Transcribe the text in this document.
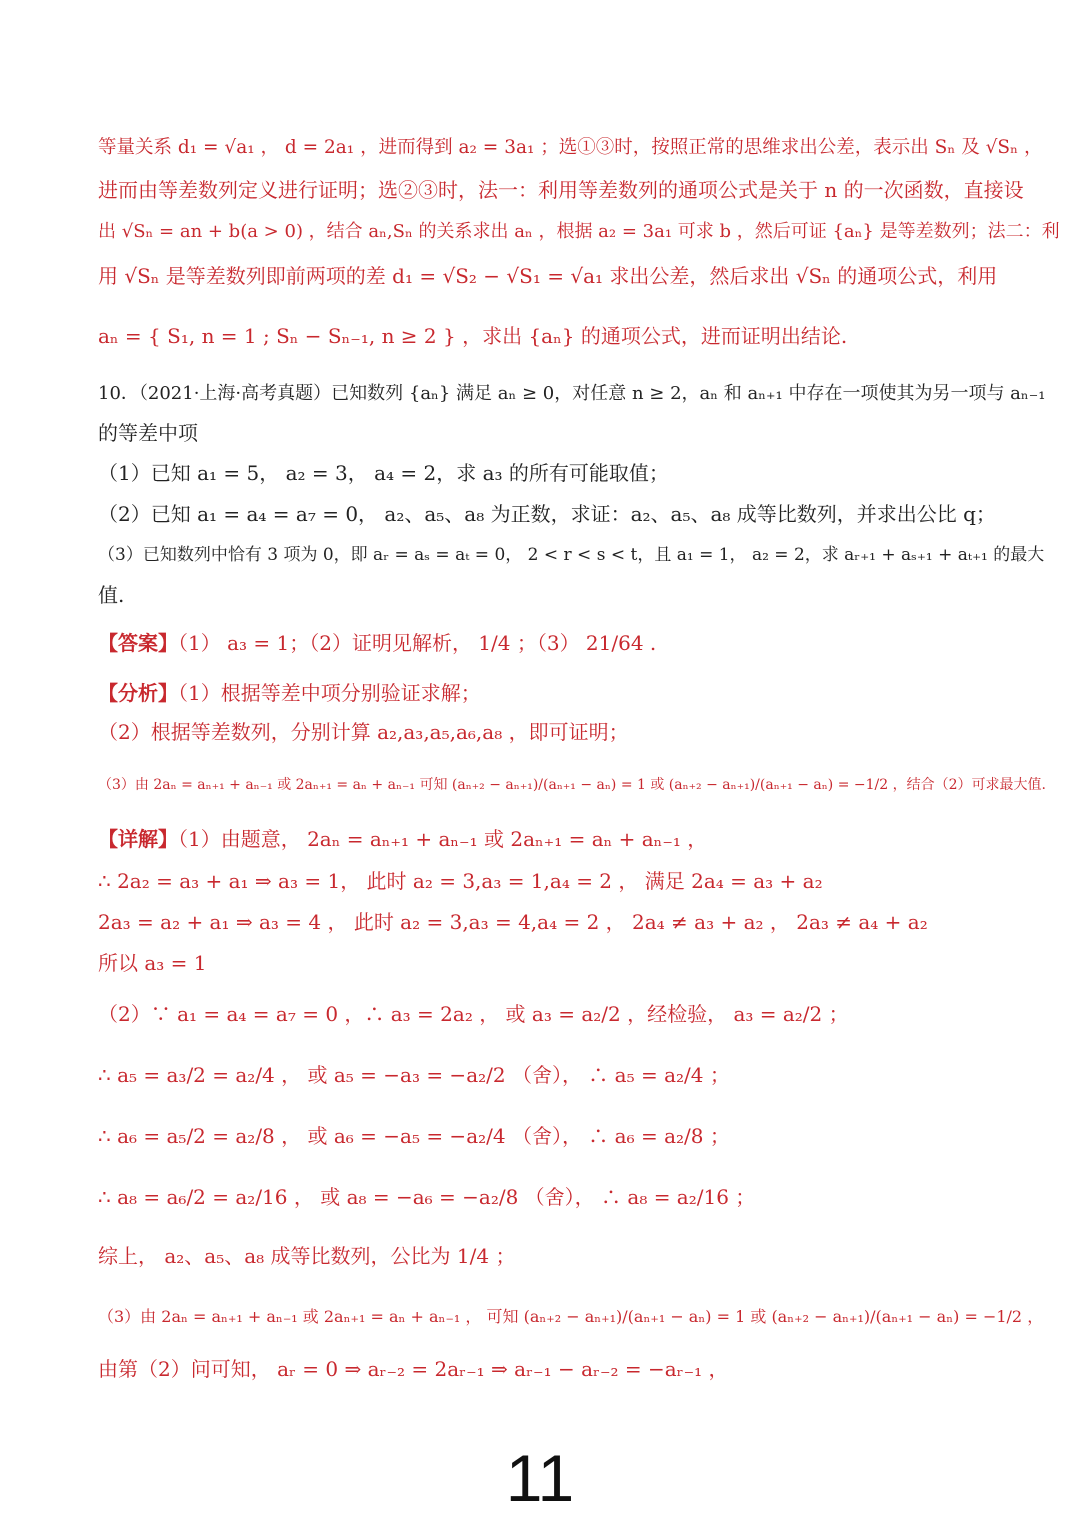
等量关系 d₁ = √a₁ ， d = 2a₁ ，进而得到 a₂ = 3a₁ ；选①③时，按照正常的思维求出公差，表示出 Sₙ 及 √Sₙ ，
进而由等差数列定义进行证明；选②③时，法一：利用等差数列的通项公式是关于 n 的一次函数，直接设
出 √Sₙ = an + b(a > 0) ，结合 aₙ,Sₙ 的关系求出 aₙ ，根据 a₂ = 3a₁ 可求 b ，然后可证 {aₙ} 是等差数列；法二：利
用 √Sₙ 是等差数列即前两项的差 d₁ = √S₂ − √S₁ = √a₁ 求出公差，然后求出 √Sₙ 的通项公式，利用
aₙ = { S₁, n = 1 ; Sₙ − Sₙ₋₁, n ≥ 2 } ，求出 {aₙ} 的通项公式，进而证明出结论.
10．（2021·上海·高考真题）已知数列 {aₙ} 满足 aₙ ≥ 0，对任意 n ≥ 2，aₙ 和 aₙ₊₁ 中存在一项使其为另一项与 aₙ₋₁
的等差中项
（1）已知 a₁ = 5， a₂ = 3， a₄ = 2，求 a₃ 的所有可能取值；
（2）已知 a₁ = a₄ = a₇ = 0， a₂、a₅、a₈ 为正数，求证：a₂、a₅、a₈ 成等比数列，并求出公比 q；
（3）已知数列中恰有 3 项为 0，即 aᵣ = aₛ = aₜ = 0， 2 < r < s < t，且 a₁ = 1， a₂ = 2，求 aᵣ₊₁ + aₛ₊₁ + aₜ₊₁ 的最大
值.
【答案】（1） a₃ = 1；（2）证明见解析， 1/4 ；（3） 21/64 .
【分析】（1）根据等差中项分别验证求解；
（2）根据等差数列，分别计算 a₂,a₃,a₅,a₆,a₈ ，即可证明；
（3）由 2aₙ = aₙ₊₁ + aₙ₋₁ 或 2aₙ₊₁ = aₙ + aₙ₋₁ 可知 (aₙ₊₂ − aₙ₊₁)/(aₙ₊₁ − aₙ) = 1 或 (aₙ₊₂ − aₙ₊₁)/(aₙ₊₁ − aₙ) = −1/2 ，结合（2）可求最大值.
【详解】（1）由题意， 2aₙ = aₙ₊₁ + aₙ₋₁ 或 2aₙ₊₁ = aₙ + aₙ₋₁ ，
∴ 2a₂ = a₃ + a₁ ⇒ a₃ = 1， 此时 a₂ = 3,a₃ = 1,a₄ = 2 ， 满足 2a₄ = a₃ + a₂
2a₃ = a₂ + a₁ ⇒ a₃ = 4 ， 此时 a₂ = 3,a₃ = 4,a₄ = 2 ， 2a₄ ≠ a₃ + a₂ ， 2a₃ ≠ a₄ + a₂
所以 a₃ = 1
（2）∵ a₁ = a₄ = a₇ = 0 ，∴ a₃ = 2a₂ ， 或 a₃ = a₂/2 ，经检验， a₃ = a₂/2 ；
∴ a₅ = a₃/2 = a₂/4 ， 或 a₅ = −a₃ = −a₂/2 （舍）， ∴ a₅ = a₂/4 ；
∴ a₆ = a₅/2 = a₂/8 ， 或 a₆ = −a₅ = −a₂/4 （舍）， ∴ a₆ = a₂/8 ；
∴ a₈ = a₆/2 = a₂/16 ， 或 a₈ = −a₆ = −a₂/8 （舍）， ∴ a₈ = a₂/16 ；
综上， a₂、a₅、a₈ 成等比数列，公比为 1/4 ；
（3）由 2aₙ = aₙ₊₁ + aₙ₋₁ 或 2aₙ₊₁ = aₙ + aₙ₋₁ ， 可知 (aₙ₊₂ − aₙ₊₁)/(aₙ₊₁ − aₙ) = 1 或 (aₙ₊₂ − aₙ₊₁)/(aₙ₊₁ − aₙ) = −1/2 ，
由第（2）问可知， aᵣ = 0 ⇒ aᵣ₋₂ = 2aᵣ₋₁ ⇒ aᵣ₋₁ − aᵣ₋₂ = −aᵣ₋₁ ，
11
